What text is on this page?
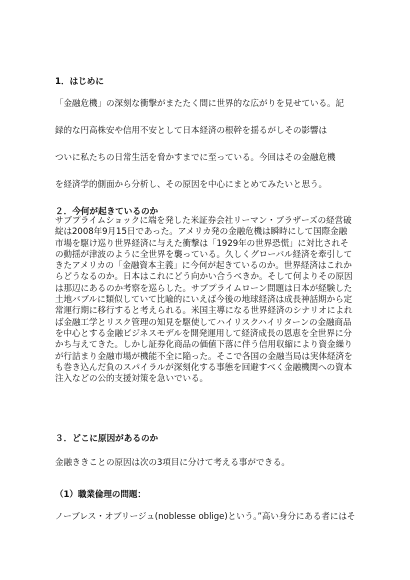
1．はじめに

「金融危機」の深刻な衝撃がまたたく間に世界的な広がりを見せている。記

録的な円高株安や信用不安として日本経済の根幹を揺るがしその影響は

ついに私たちの日常生活を脅かすまでに至っている。今回はその金融危機

を経済学的側面から分析し、その原因を中心にまとめてみたいと思う。

２．今何が起きているのか

サブプライムショックに端を発した米証券会社リーマン・ブラザーズの経営破綻は2008年9月15日であった。アメリカ発の金融危機は瞬時にして国際金融市場を駆け巡り世界経済に与えた衝撃は「1929年の世界恐慌」に対比されその動揺が津波のように全世界を襲っている。久しくグローバル経済を牽引してきたアメリカの「金融資本主義」に今何が起きているのか。世界経済はこれからどうなるのか。日本はこれにどう向かい合うべきか。そして何よりその原因は那辺にあるのか考察を巡らした。サブプライムローン問題は日本が経験した土地バブルに類似していて比喩的にいえば今後の地球経済は成長神話期から定常運行期に移行すると考えられる。米国主導になる世界経済のシナリオによれば金融工学とリスク管理の知見を駆使してハイリスクハイリターンの金融商品を中心とする金融ビジネスモデルを開発運用して経済成長の恩恵を全世界に分かち与えてきた。しかし証券化商品の価値下落に伴う信用収縮により資金繰りが行詰まり金融市場が機能不全に陥った。そこで各国の金融当局は実体経済をも巻き込んだ負のスパイラルが深刻化する事態を回避すべく金融機関への資本注入などの公的支援対策を急いでいる。

３．どこに原因があるのか

金融ききことの原因は次の3項目に分けて考える事ができる。

（1）職業倫理の問題：

ノーブレス・オブリージュ(noblesse oblige)という。”高い身分にある者にはそ
